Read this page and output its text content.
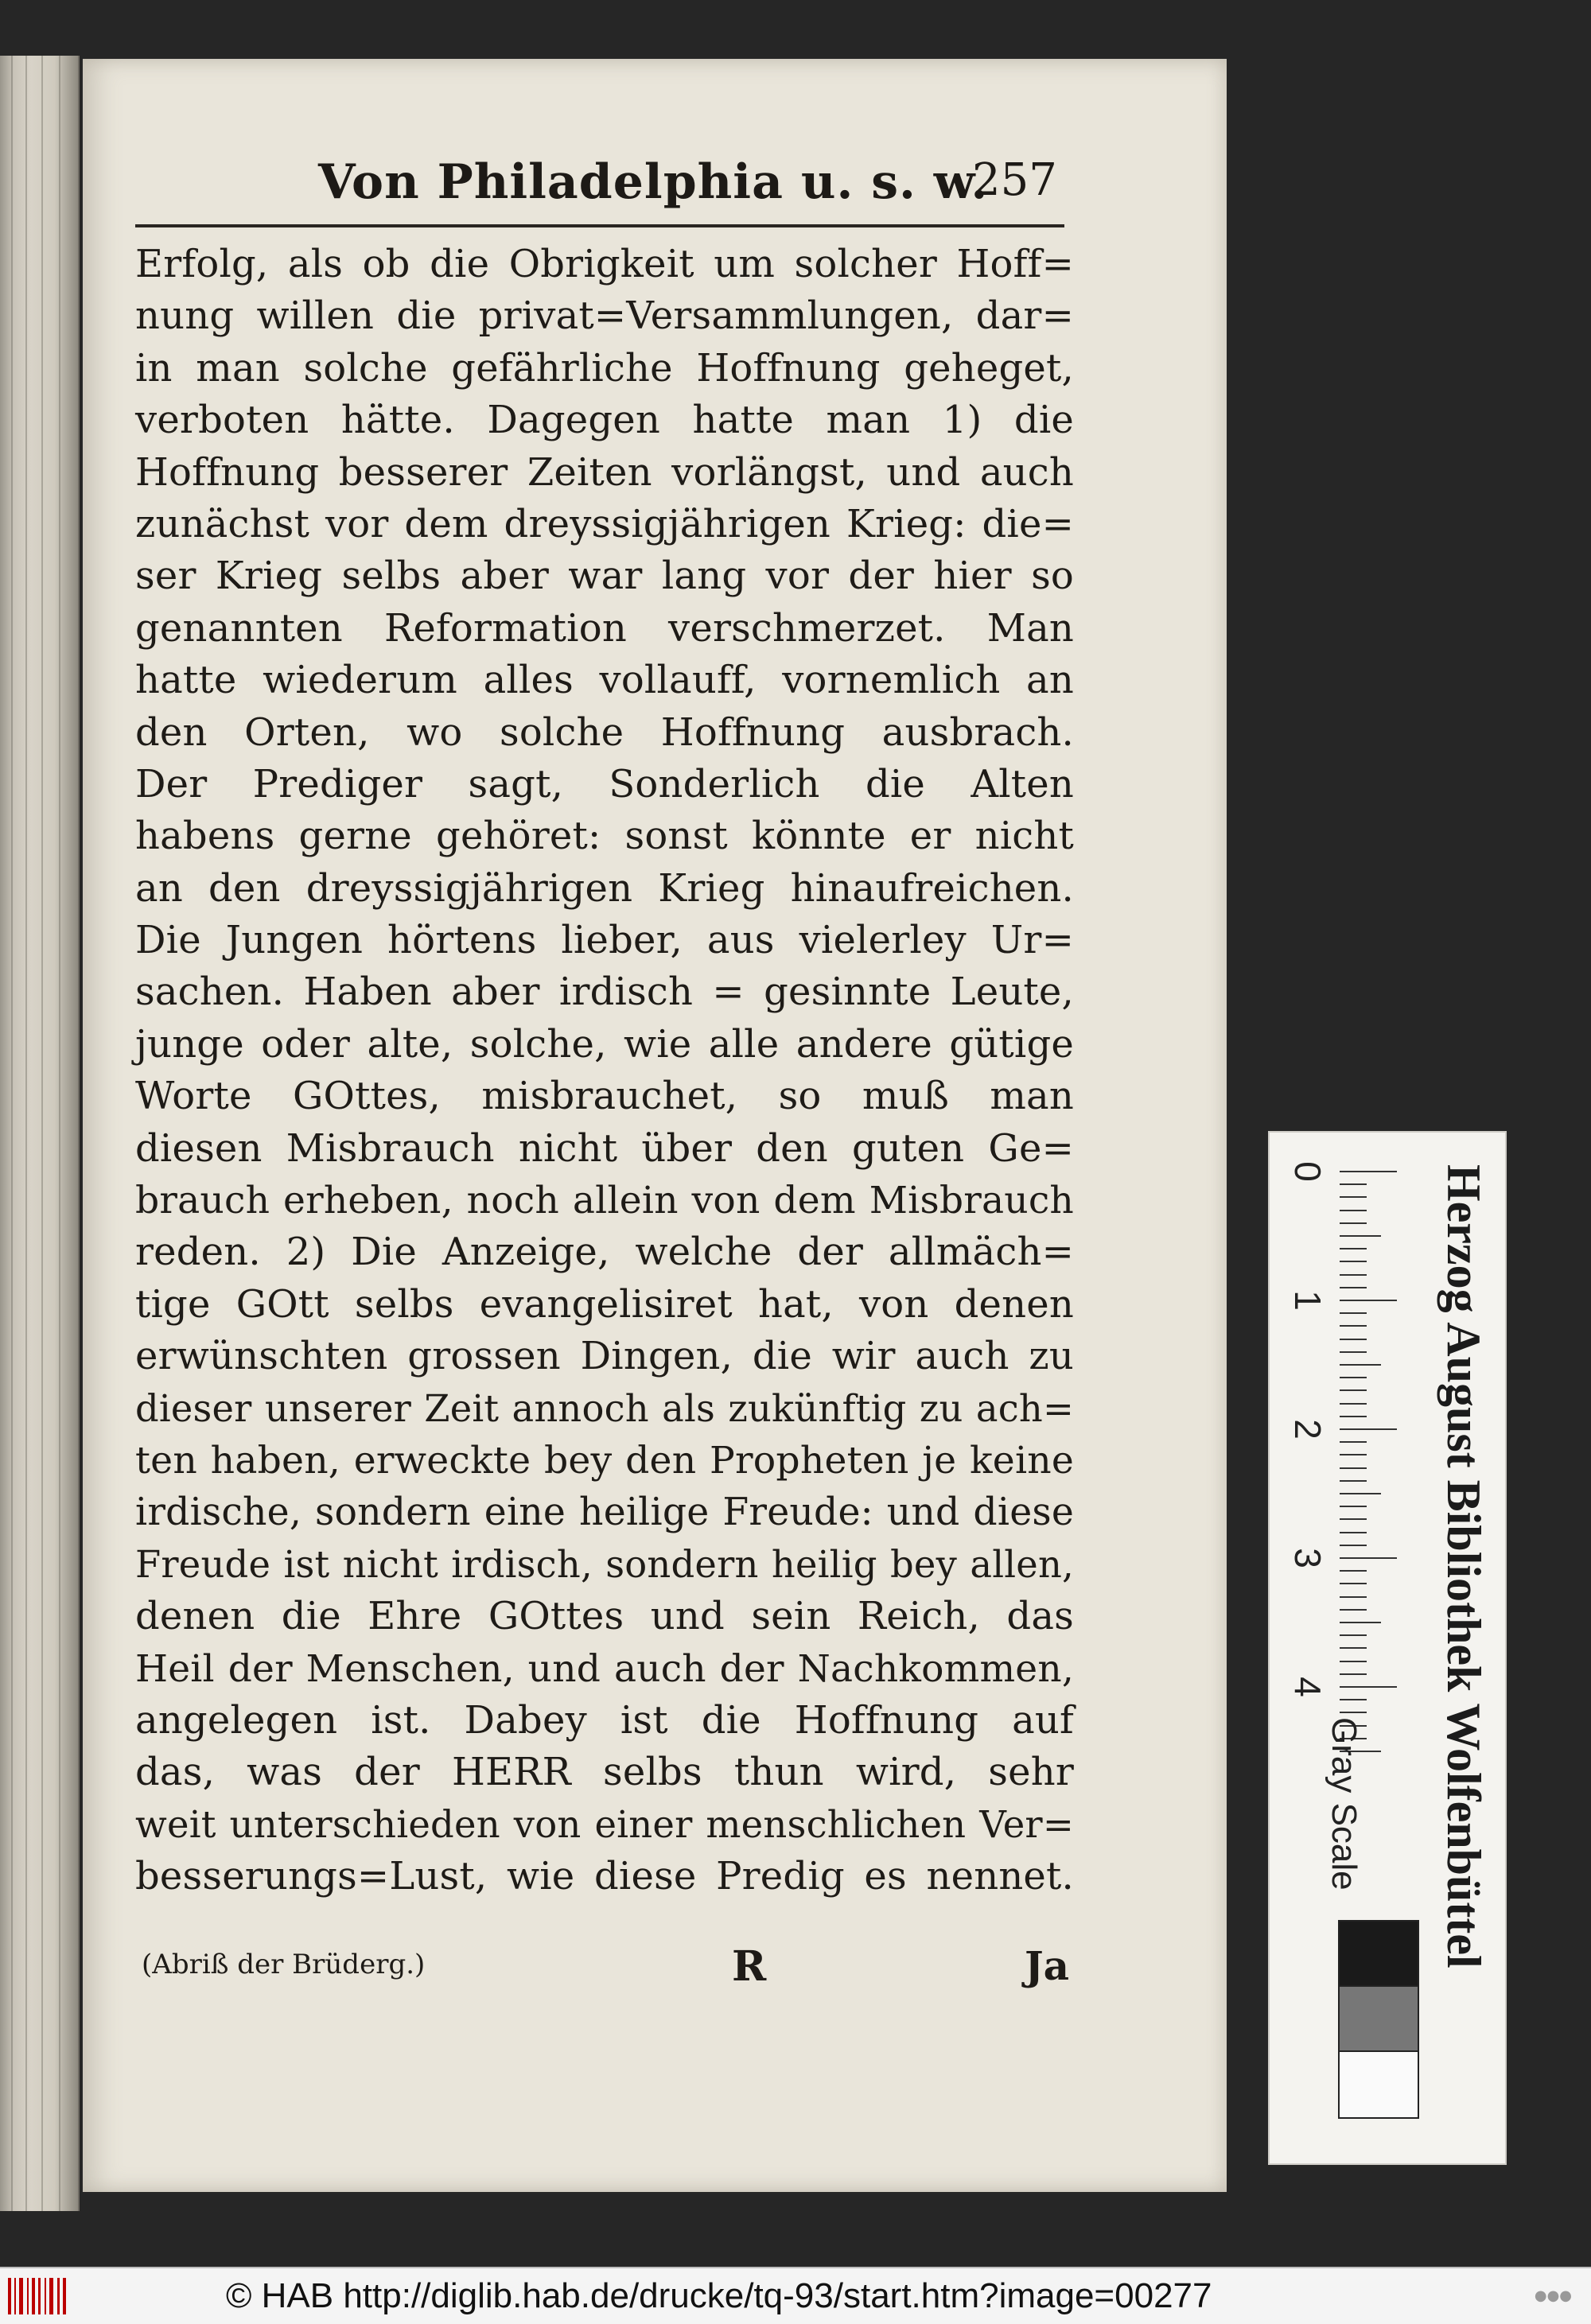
Von Philadelphia u. s. w.
257
Erfolg, als ob die Obrigkeit um solcher Hoff=
nung willen die privat=Versammlungen, dar=
in man solche gefährliche Hoffnung geheget,
verboten hätte. Dagegen hatte man 1) die
Hoffnung besserer Zeiten vorlängst, und auch
zunächst vor dem dreyssigjährigen Krieg: die=
ser Krieg selbs aber war lang vor der hier so
genannten Reformation verschmerzet. Man
hatte wiederum alles vollauff, vornemlich an
den Orten, wo solche Hoffnung ausbrach.
Der Prediger sagt, Sonderlich die Alten
habens gerne gehöret: sonst könnte er nicht
an den dreyssigjährigen Krieg hinaufreichen.
Die Jungen hörtens lieber, aus vielerley Ur=
sachen. Haben aber irdisch = gesinnte Leute,
junge oder alte, solche, wie alle andere gütige
Worte GOttes, misbrauchet, so muß man
diesen Misbrauch nicht über den guten Ge=
brauch erheben, noch allein von dem Misbrauch
reden. 2) Die Anzeige, welche der allmäch=
tige GOtt selbs evangelisiret hat, von denen
erwünschten grossen Dingen, die wir auch zu
dieser unserer Zeit annoch als zukünftig zu ach=
ten haben, erweckte bey den Propheten je keine
irdische, sondern eine heilige Freude: und diese
Freude ist nicht irdisch, sondern heilig bey allen,
denen die Ehre GOttes und sein Reich, das
Heil der Menschen, und auch der Nachkommen,
angelegen ist. Dabey ist die Hoffnung auf
das, was der HERR selbs thun wird, sehr
weit unterschieden von einer menschlichen Ver=
besserungs=Lust, wie diese Predig es nennet.
(Abriß der Brüderg.)	R	Ja
0
1
2
3
4 Herzog August Bibliothek Wolfenbüttel
Gray Scale
© HAB http://diglib.hab.de/drucke/tq-93/start.htm?image=00277	●●●
